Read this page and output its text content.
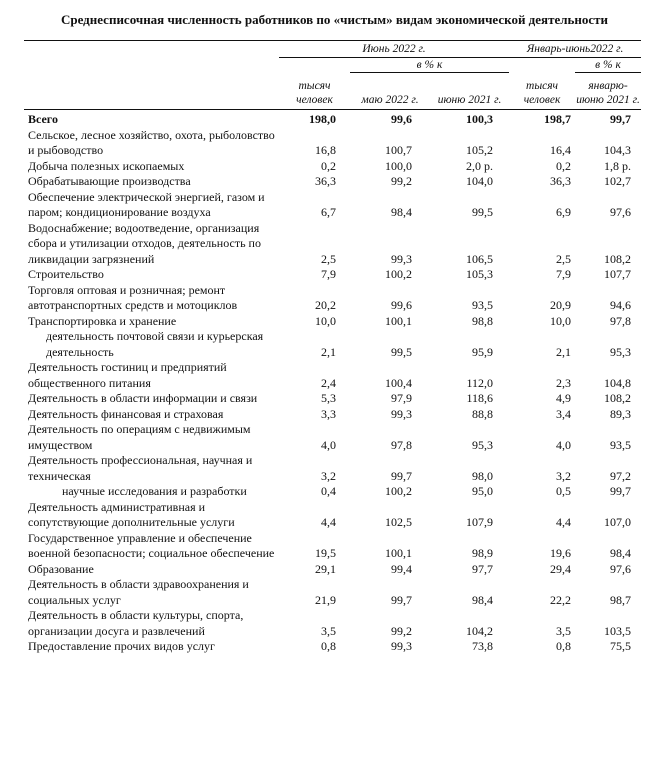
Среднесписочная численность работников по «чистым» видам экономической деятельности
	Июнь 2022 г.			Январь-июнь2022 г.	
		в % к			в % к
	тысяч человек	маю 2022 г.	июню 2021 г.	тысяч человек	январю-июню 2021 г.

Всего	198,0	99,6	100,3	198,7	99,7
Сельское, лесное хозяйство, охота, рыболовство и рыбоводство	16,8	100,7	105,2	16,4	104,3
Добыча полезных ископаемых	0,2	100,0	2,0 р.	0,2	1,8 р.
Обрабатывающие производства	36,3	99,2	104,0	36,3	102,7
Обеспечение электрической энергией, газом и паром; кондиционирование воздуха	6,7	98,4	99,5	6,9	97,6
Водоснабжение; водоотведение, организация сбора и утилизации отходов, деятельность по ликвидации загрязнений	2,5	99,3	106,5	2,5	108,2
Строительство	7,9	100,2	105,3	7,9	107,7
Торговля оптовая и розничная; ремонт автотранспортных средств и мотоциклов	20,2	99,6	93,5	20,9	94,6
Транспортировка и хранение	10,0	100,1	98,8	10,0	97,8
деятельность почтовой связи и курьерская деятельность	2,1	99,5	95,9	2,1	95,3
Деятельность гостиниц и предприятий общественного питания	2,4	100,4	112,0	2,3	104,8
Деятельность в области информации и связи	5,3	97,9	118,6	4,9	108,2
Деятельность финансовая и страховая	3,3	99,3	88,8	3,4	89,3
Деятельность по операциям с недвижимым имуществом	4,0	97,8	95,3	4,0	93,5
Деятельность профессиональная, научная и техническая	3,2	99,7	98,0	3,2	97,2
научные исследования и разработки	0,4	100,2	95,0	0,5	99,7
Деятельность административная и сопутствующие дополнительные услуги	4,4	102,5	107,9	4,4	107,0
Государственное управление и обеспечение военной безопасности; социальное обеспечение	19,5	100,1	98,9	19,6	98,4
Образование	29,1	99,4	97,7	29,4	97,6
Деятельность в области здравоохранения и социальных услуг	21,9	99,7	98,4	22,2	98,7
Деятельность в области культуры, спорта, организации досуга и развлечений	3,5	99,2	104,2	3,5	103,5
Предоставление прочих видов услуг	0,8	99,3	73,8	0,8	75,5
